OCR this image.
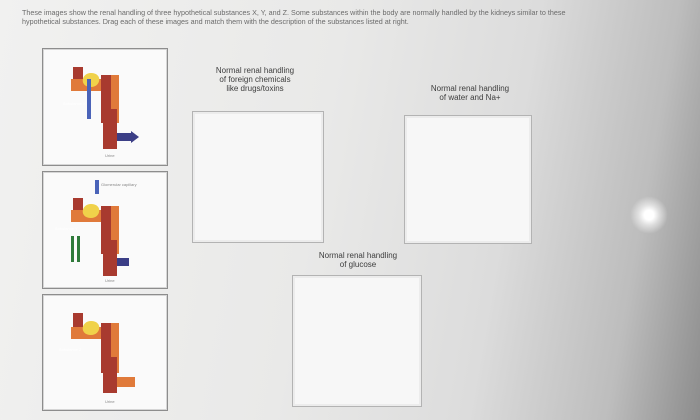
These images show the renal handling of three hypothetical substances X, Y, and Z. Some substances within the body are normally handled by the kidneys similar to these
hypothetical substances. Drag each of these images and match them with the description of the substances listed at right.
Substance X
Urine
Glomerular capillary
Substance Y
Urine
Substance Z
Urine
Normal renal handling
of foreign chemicals
like drugs/toxins	Normal renal handling
of water and Na+
Normal renal handling
of glucose
